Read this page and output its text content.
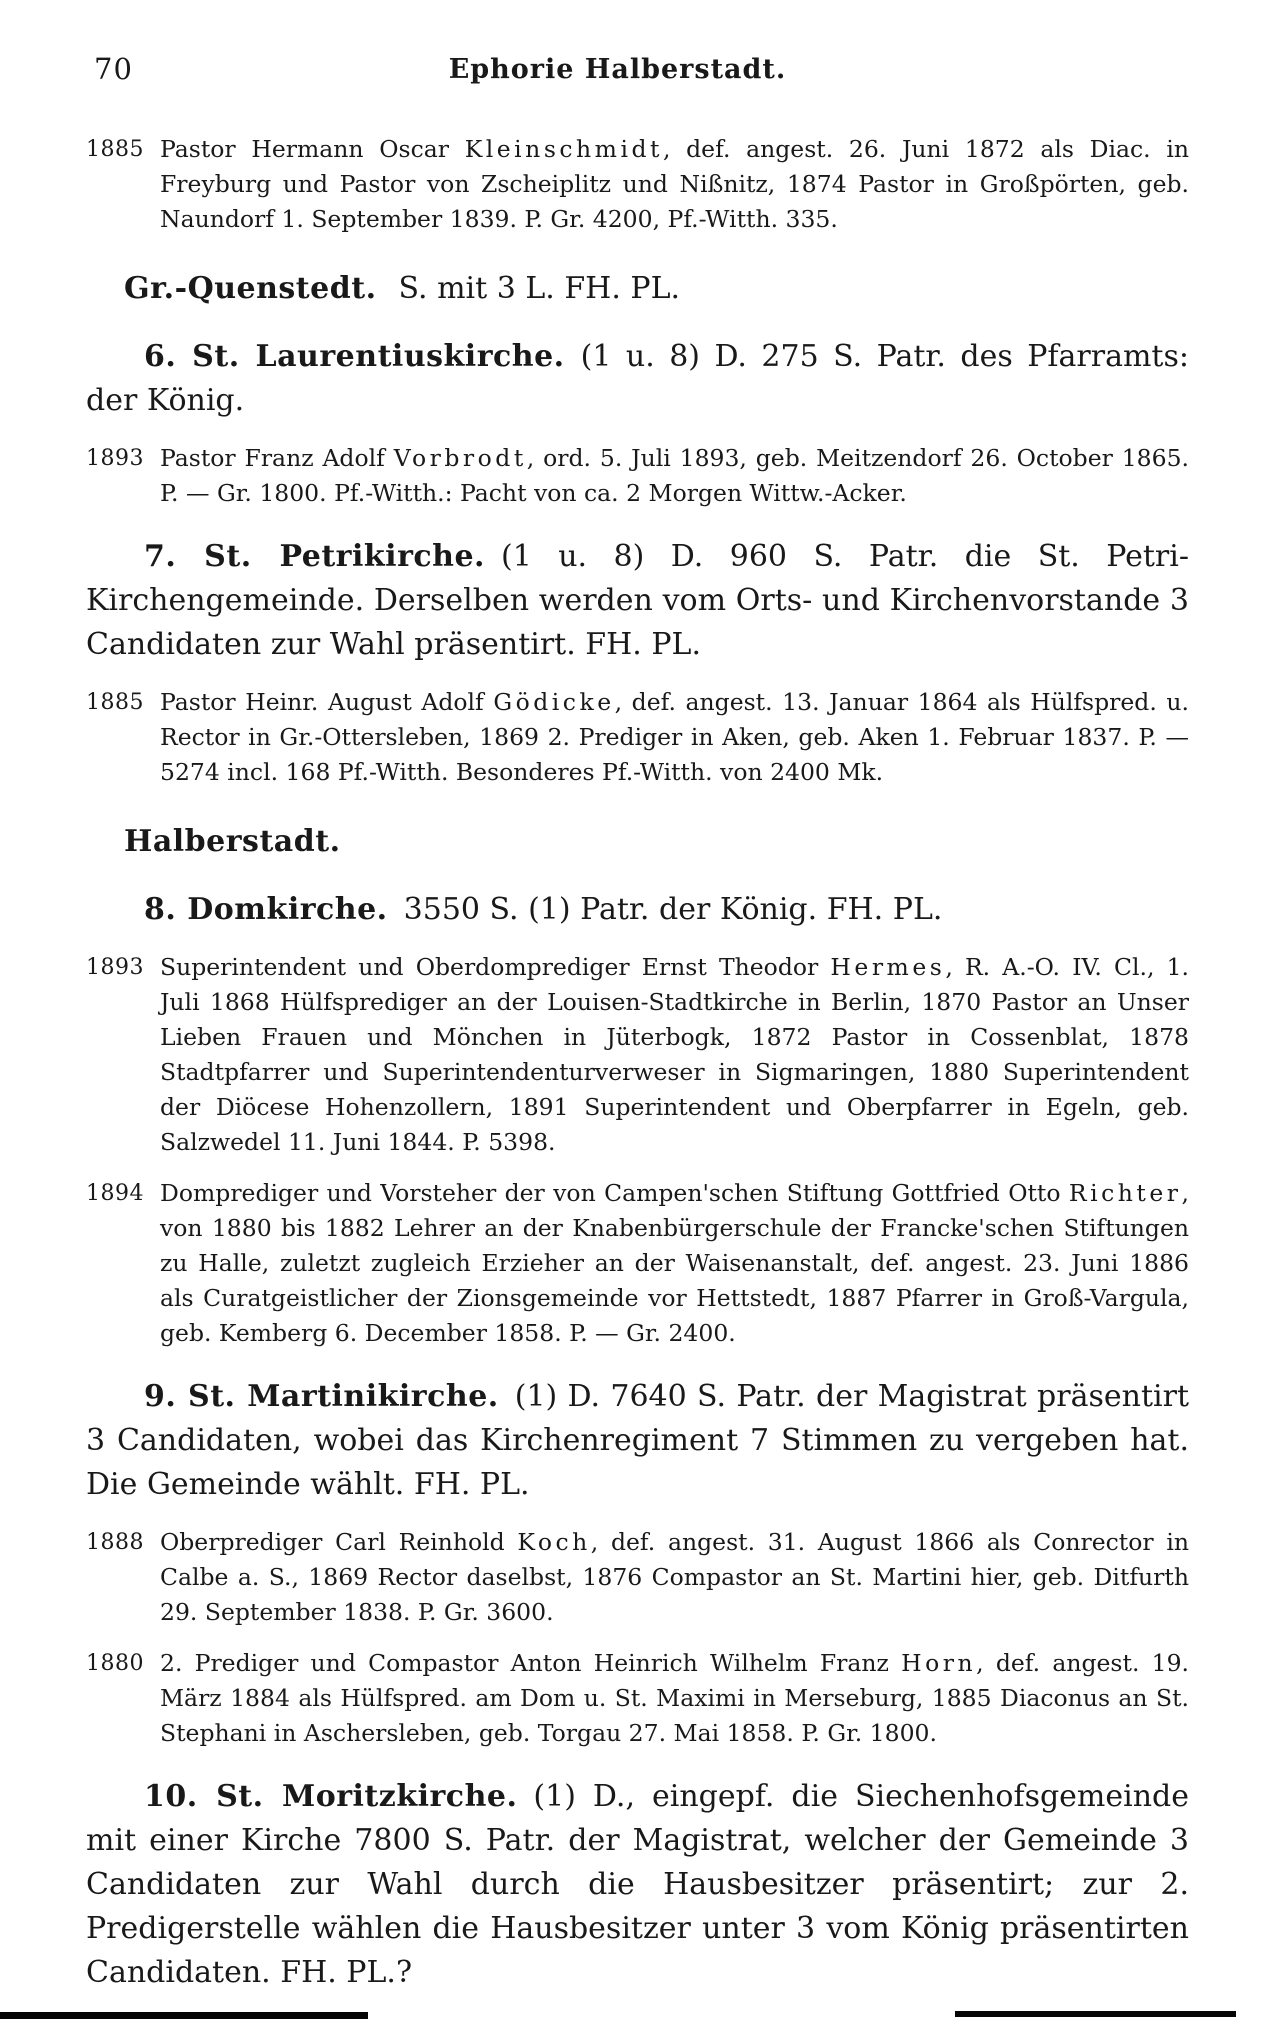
70	Ephorie Halberstadt.
1885 Pastor Hermann Oscar Kleinschmidt, def. angest. 26. Juni 1872 als Diac. in Freyburg und Pastor von Zscheiplitz und Nißnitz, 1874 Pastor in Großpörten, geb. Naundorf 1. September 1839. P. Gr. 4200, Pf.-Witth. 335.

Gr.-Quenstedt. S. mit 3 L. FH. PL.

6. St. Laurentiuskirche. (1 u. 8) D. 275 S. Patr. des Pfarramts: der König.

1893 Pastor Franz Adolf Vorbrodt, ord. 5. Juli 1893, geb. Meitzendorf 26. October 1865. P. — Gr. 1800. Pf.-Witth.: Pacht von ca. 2 Morgen Wittw.-Acker.

7. St. Petrikirche. (1 u. 8) D. 960 S. Patr. die St. Petri-Kirchengemeinde. Derselben werden vom Orts- und Kirchenvorstande 3 Candidaten zur Wahl präsentirt. FH. PL.

1885 Pastor Heinr. August Adolf Gödicke, def. angest. 13. Januar 1864 als Hülfspred. u. Rector in Gr.-Ottersleben, 1869 2. Prediger in Aken, geb. Aken 1. Februar 1837. P. — 5274 incl. 168 Pf.-Witth. Besonderes Pf.-Witth. von 2400 Mk.

Halberstadt.

8. Domkirche. 3550 S. (1) Patr. der König. FH. PL.

1893 Superintendent und Oberdomprediger Ernst Theodor Hermes, R. A.-O. IV. Cl., 1. Juli 1868 Hülfsprediger an der Louisen-Stadtkirche in Berlin, 1870 Pastor an Unser Lieben Frauen und Mönchen in Jüterbogk, 1872 Pastor in Cossenblat, 1878 Stadtpfarrer und Superintendenturverweser in Sigmaringen, 1880 Superintendent der Diöcese Hohenzollern, 1891 Superintendent und Oberpfarrer in Egeln, geb. Salzwedel 11. Juni 1844. P. 5398.

1894 Domprediger und Vorsteher der von Campen'schen Stiftung Gottfried Otto Richter, von 1880 bis 1882 Lehrer an der Knabenbürgerschule der Francke'schen Stiftungen zu Halle, zuletzt zugleich Erzieher an der Waisenanstalt, def. angest. 23. Juni 1886 als Curatgeistlicher der Zionsgemeinde vor Hettstedt, 1887 Pfarrer in Groß-Vargula, geb. Kemberg 6. December 1858. P. — Gr. 2400.

9. St. Martinikirche. (1) D. 7640 S. Patr. der Magistrat präsentirt 3 Candidaten, wobei das Kirchenregiment 7 Stimmen zu vergeben hat. Die Gemeinde wählt. FH. PL.

1888 Oberprediger Carl Reinhold Koch, def. angest. 31. August 1866 als Conrector in Calbe a. S., 1869 Rector daselbst, 1876 Compastor an St. Martini hier, geb. Ditfurth 29. September 1838. P. Gr. 3600.

1880 2. Prediger und Compastor Anton Heinrich Wilhelm Franz Horn, def. angest. 19. März 1884 als Hülfspred. am Dom u. St. Maximi in Merseburg, 1885 Diaconus an St. Stephani in Aschersleben, geb. Torgau 27. Mai 1858. P. Gr. 1800.

10. St. Moritzkirche. (1) D., eingepf. die Siechenhofsgemeinde mit einer Kirche 7800 S. Patr. der Magistrat, welcher der Gemeinde 3 Candidaten zur Wahl durch die Hausbesitzer präsentirt; zur 2. Predigerstelle wählen die Hausbesitzer unter 3 vom König präsentirten Candidaten. FH. PL.?
